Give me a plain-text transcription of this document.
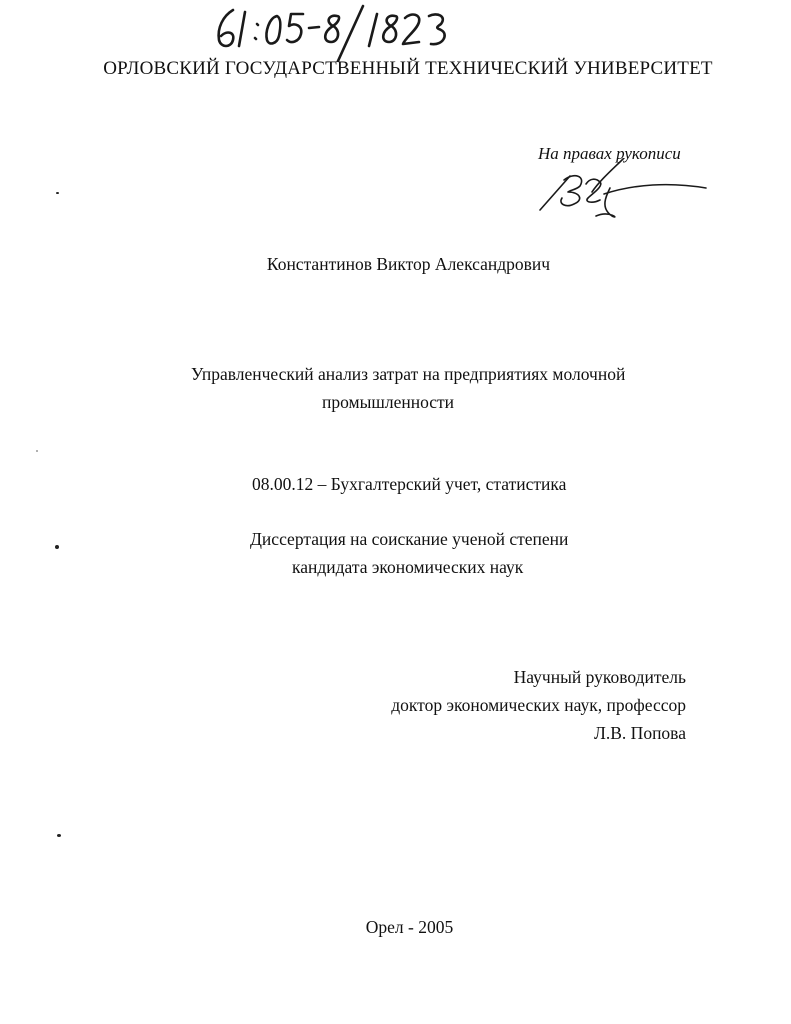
ОРЛОВСКИЙ ГОСУДАРСТВЕННЫЙ ТЕХНИЧЕСКИЙ УНИВЕРСИТЕТ
На правах рукописи
Константинов Виктор Александрович
Управленческий анализ затрат на предприятиях молочной
промышленности
08.00.12 – Бухгалтерский учет, статистика
Диссертация на соискание ученой степени
кандидата экономических наук
Научный руководитель
доктор экономических наук, профессор
Л.В. Попова
Орел - 2005
